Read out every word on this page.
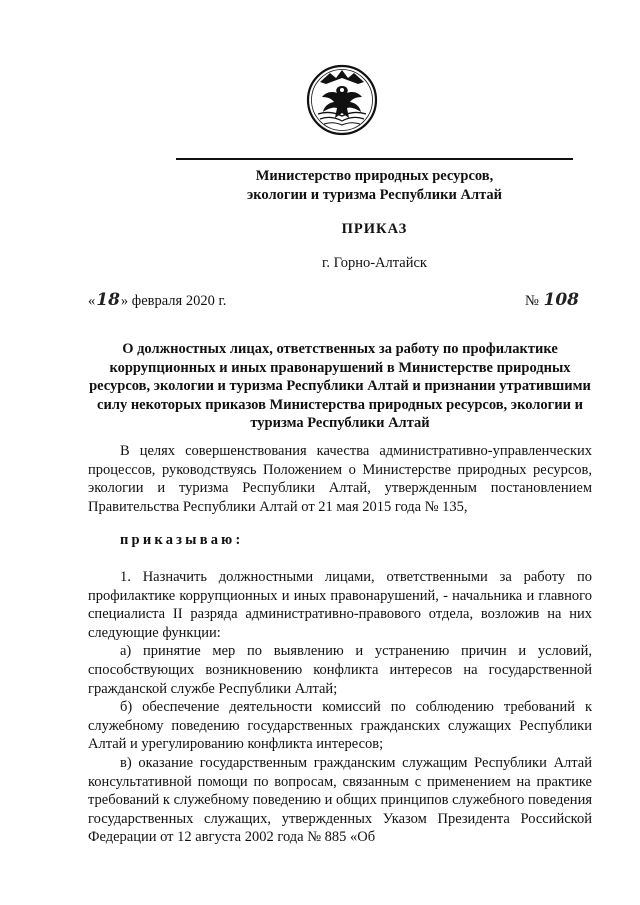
Министерство природных ресурсов,
экологии и туризма Республики Алтай
ПРИКАЗ
г. Горно-Алтайск
«18» февраля 2020 г.	№ 108
О должностных лицах, ответственных за работу по профилактике коррупционных и иных правонарушений в Министерстве природных ресурсов, экологии и туризма Республики Алтай и признании утратившими силу некоторых приказов Министерства природных ресурсов, экологии и туризма Республики Алтай

В целях совершенствования качества административно-управленческих процессов, руководствуясь Положением о Министерстве природных ресурсов, экологии и туризма Республики Алтай, утвержденным постановлением Правительства Республики Алтай от 21 мая 2015 года № 135,

приказываю:

1. Назначить должностными лицами, ответственными за работу по профилактике коррупционных и иных правонарушений, - начальника и главного специалиста II разряда административно-правового отдела, возложив на них следующие функции:

а) принятие мер по выявлению и устранению причин и условий, способствующих возникновению конфликта интересов на государственной гражданской службе Республики Алтай;

б) обеспечение деятельности комиссий по соблюдению требований к служебному поведению государственных гражданских служащих Республики Алтай и урегулированию конфликта интересов;

в) оказание государственным гражданским служащим Республики Алтай консультативной помощи по вопросам, связанным с применением на практике требований к служебному поведению и общих принципов служебного поведения государственных служащих, утвержденных Указом Президента Российской Федерации от 12 августа 2002 года № 885 «Об
